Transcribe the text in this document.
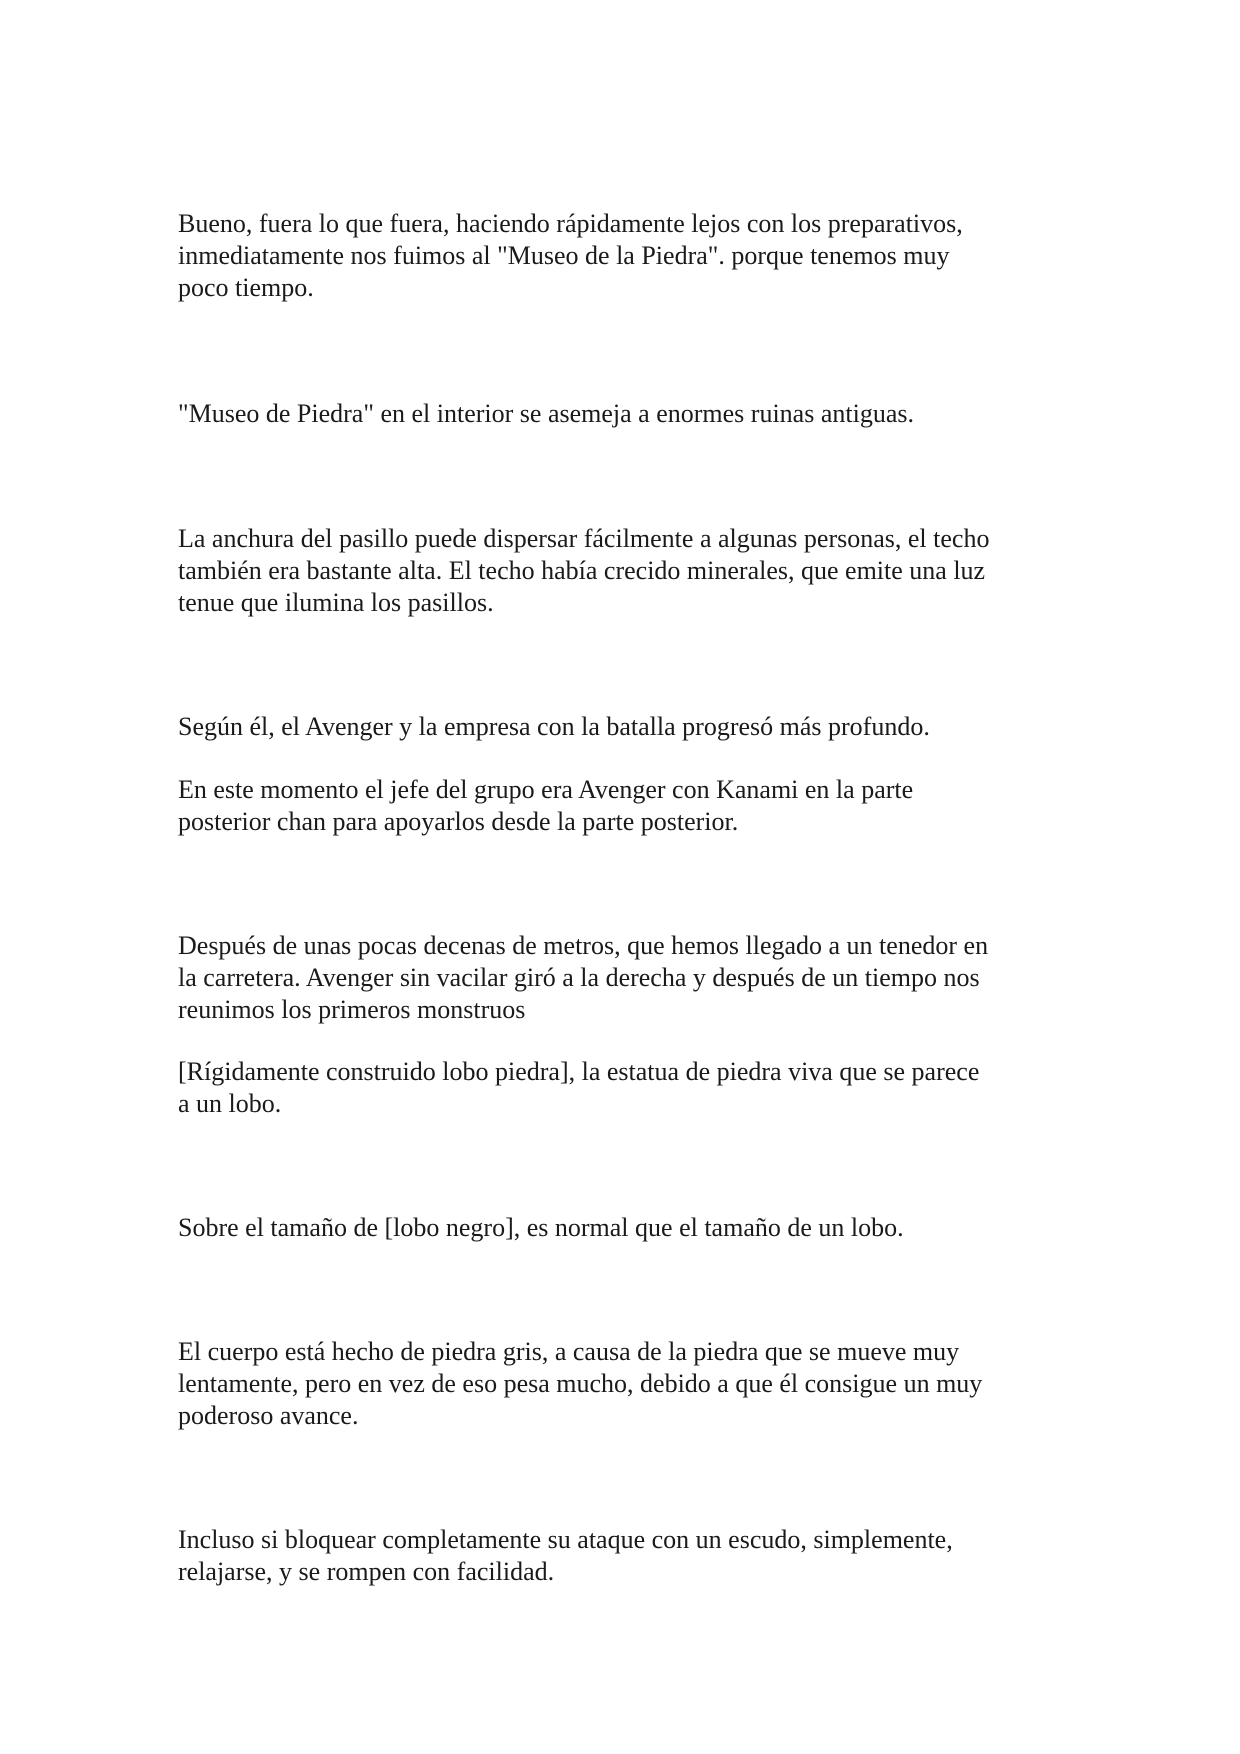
Bueno, fuera lo que fuera, haciendo rápidamente lejos con los preparativos,
inmediatamente nos fuimos al "Museo de la Piedra". porque tenemos muy
poco tiempo.

"Museo de Piedra" en el interior se asemeja a enormes ruinas antiguas.

La anchura del pasillo puede dispersar fácilmente a algunas personas, el techo
también era bastante alta. El techo había crecido minerales, que emite una luz
tenue que ilumina los pasillos.

Según él, el Avenger y la empresa con la batalla progresó más profundo.

En este momento el jefe del grupo era Avenger con Kanami en la parte
posterior chan para apoyarlos desde la parte posterior.

Después de unas pocas decenas de metros, que hemos llegado a un tenedor en
la carretera. Avenger sin vacilar giró a la derecha y después de un tiempo nos
reunimos los primeros monstruos

[Rígidamente construido lobo piedra], la estatua de piedra viva que se parece
a un lobo.

Sobre el tamaño de [lobo negro], es normal que el tamaño de un lobo.

El cuerpo está hecho de piedra gris, a causa de la piedra que se mueve muy
lentamente, pero en vez de eso pesa mucho, debido a que él consigue un muy
poderoso avance.

Incluso si bloquear completamente su ataque con un escudo, simplemente,
relajarse, y se rompen con facilidad.
